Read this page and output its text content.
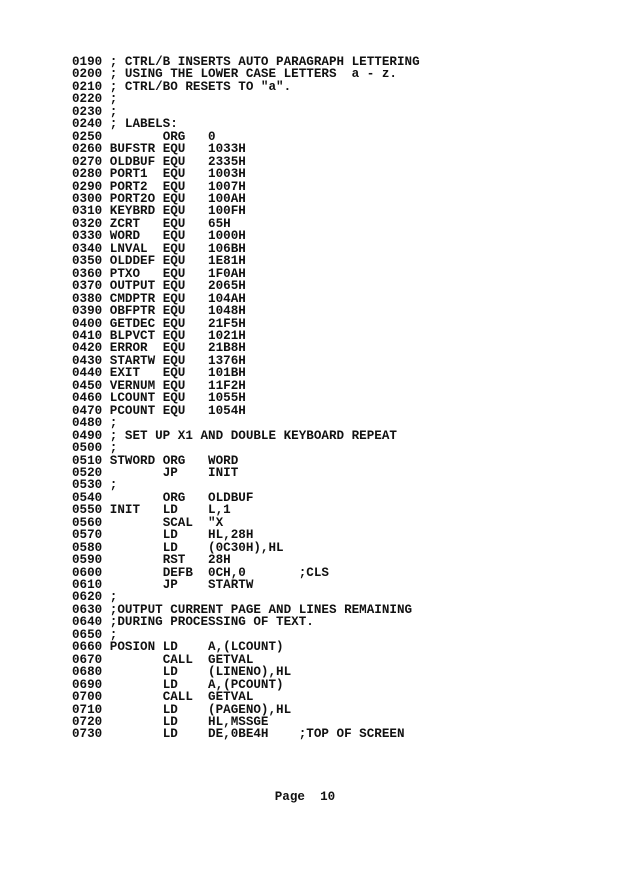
0190 ; CTRL/B INSERTS AUTO PARAGRAPH LETTERING
0200 ; USING THE LOWER CASE LETTERS  a - z.
0210 ; CTRL/BO RESETS TO "a".
0220 ;
0230 ;
0240 ; LABELS:
0250	ORG 0
0260 BUFSTR EQU 1033H
0270 OLDBUF EQU 2335H
0280 PORT1 EQU 1003H
0290 PORT2 EQU 1007H
0300 PORT2O EQU 100AH
0310 KEYBRD EQU 100FH
0320 ZCRT EQU 65H
0330 WORD EQU 1000H
0340 LNVAL EQU 106BH
0350 OLDDEF EQU 1E81H
0360 PTXO EQU 1F0AH
0370 OUTPUT EQU 2065H
0380 CMDPTR EQU 104AH
0390 OBFPTR EQU 1048H
0400 GETDEC EQU 21F5H
0410 BLPVCT EQU 1021H
0420 ERROR EQU 21B8H
0430 STARTW EQU 1376H
0440 EXIT EQU 101BH
0450 VERNUM EQU 11F2H
0460 LCOUNT EQU 1055H
0470 PCOUNT EQU 1054H
0480 ;
0490 ; SET UP X1 AND DOUBLE KEYBOARD REPEAT
0500 ;
0510 STWORD ORG WORD
0520	JP INIT
0530 ;
0540	ORG OLDBUF
0550 INIT LD L,1
0560	SCAL "X
0570	LD HL,28H
0580	LD (0C30H),HL
0590	RST 28H
0600	DEFB 0CH,0	;CLS
0610	JP STARTW
0620 ;
0630 ;OUTPUT CURRENT PAGE AND LINES REMAINING
0640 ;DURING PROCESSING OF TEXT.
0650 ;
0660 POSION LD A,(LCOUNT)
0670	CALL GETVAL
0680	LD (LINENO),HL
0690	LD A,(PCOUNT)
0700	CALL GETVAL
0710	LD (PAGENO),HL
0720	LD HL,MSSGE
0730	LD DE,0BE4H ;TOP OF SCREEN
Page 10
